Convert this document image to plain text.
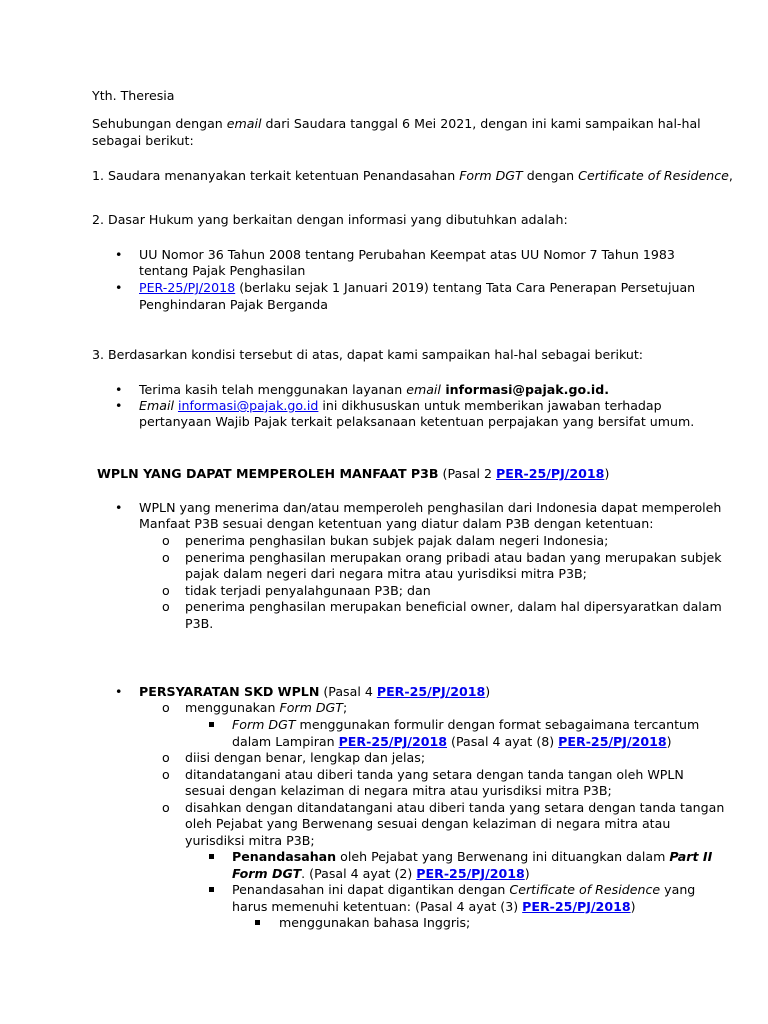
Yth. Theresia
Sehubungan dengan email dari Saudara tanggal 6 Mei 2021, dengan ini kami sampaikan hal-hal
sebagai berikut:
1. Saudara menanyakan terkait ketentuan Penandasahan Form DGT dengan Certificate of Residence,
2. Dasar Hukum yang berkaitan dengan informasi yang dibutuhkan adalah:
• UU Nomor 36 Tahun 2008 tentang Perubahan Keempat atas UU Nomor 7 Tahun 1983
tentang Pajak Penghasilan
• PER-25/PJ/2018 (berlaku sejak 1 Januari 2019) tentang Tata Cara Penerapan Persetujuan
Penghindaran Pajak Berganda
3. Berdasarkan kondisi tersebut di atas, dapat kami sampaikan hal-hal sebagai berikut:
• Terima kasih telah menggunakan layanan email informasi@pajak.go.id.
• Email informasi@pajak.go.id ini dikhususkan untuk memberikan jawaban terhadap
pertanyaan Wajib Pajak terkait pelaksanaan ketentuan perpajakan yang bersifat umum.
WPLN YANG DAPAT MEMPEROLEH MANFAAT P3B (Pasal 2 PER-25/PJ/2018)
• WPLN yang menerima dan/atau memperoleh penghasilan dari Indonesia dapat memperoleh
Manfaat P3B sesuai dengan ketentuan yang diatur dalam P3B dengan ketentuan:
o penerima penghasilan bukan subjek pajak dalam negeri Indonesia;
o penerima penghasilan merupakan orang pribadi atau badan yang merupakan subjek
pajak dalam negeri dari negara mitra atau yurisdiksi mitra P3B;
o tidak terjadi penyalahgunaan P3B; dan
o penerima penghasilan merupakan beneficial owner, dalam hal dipersyaratkan dalam
P3B.
• PERSYARATAN SKD WPLN (Pasal 4 PER-25/PJ/2018)
o menggunakan Form DGT;
Form DGT menggunakan formulir dengan format sebagaimana tercantum
dalam Lampiran PER-25/PJ/2018 (Pasal 4 ayat (8) PER-25/PJ/2018)
o diisi dengan benar, lengkap dan jelas;
o ditandatangani atau diberi tanda yang setara dengan tanda tangan oleh WPLN
sesuai dengan kelaziman di negara mitra atau yurisdiksi mitra P3B;
o disahkan dengan ditandatangani atau diberi tanda yang setara dengan tanda tangan
oleh Pejabat yang Berwenang sesuai dengan kelaziman di negara mitra atau
yurisdiksi mitra P3B;
Penandasahan oleh Pejabat yang Berwenang ini dituangkan dalam Part II
Form DGT. (Pasal 4 ayat (2) PER-25/PJ/2018)
Penandasahan ini dapat digantikan dengan Certificate of Residence yang
harus memenuhi ketentuan: (Pasal 4 ayat (3) PER-25/PJ/2018)
menggunakan bahasa Inggris;
